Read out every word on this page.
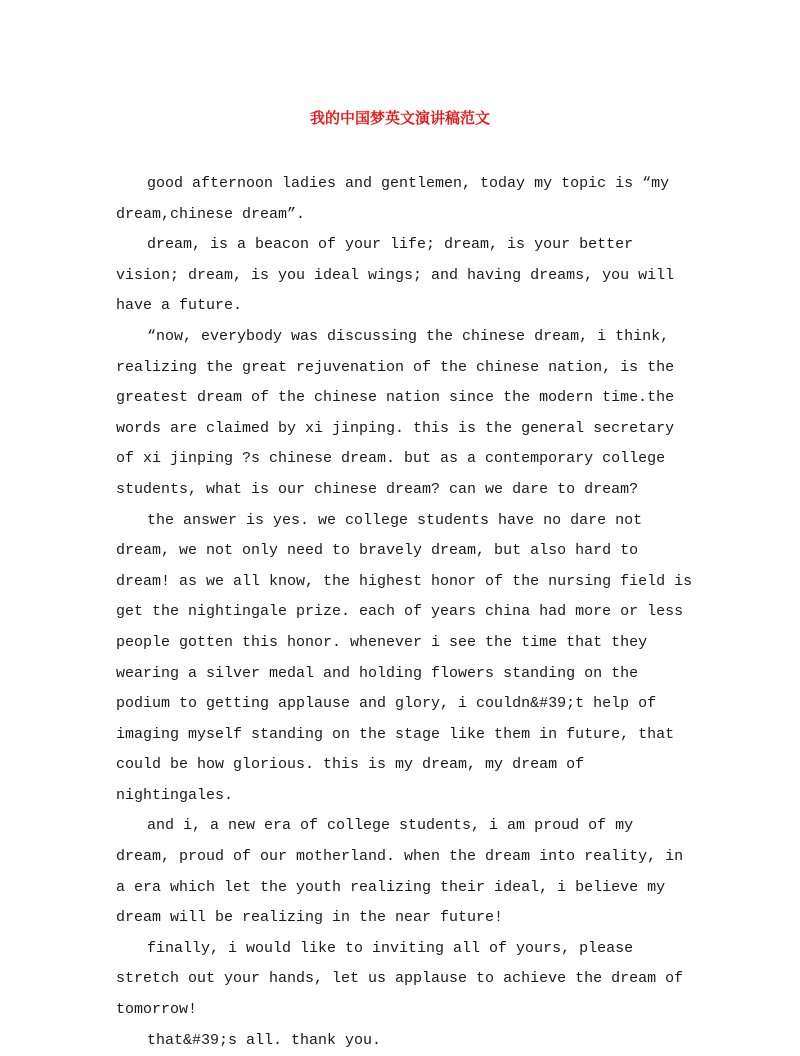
我的中国梦英文演讲稿范文

good afternoon ladies and gentlemen, today my topic is “my dream,chinese dream”.

dream, is a beacon of your life; dream, is your better vision; dream, is you ideal wings; and having dreams, you will have a future.

“now, everybody was discussing the chinese dream, i think, realizing the great rejuvenation of the chinese nation, is the greatest dream of the chinese nation since the modern time.the words are claimed by xi jinping. this is the general secretary of xi jinping ?s chinese dream. but as a contemporary college students, what is our chinese dream? can we dare to dream?

the answer is yes. we college students have no dare not dream, we not only need to bravely dream, but also hard to dream! as we all know, the highest honor of the nursing field is get the nightingale prize. each of years china had more or less people gotten this honor. whenever i see the time that they wearing a silver medal and holding flowers standing on the podium to getting applause and glory, i couldn&#39;t help of imaging myself standing on the stage like them in future, that could be how glorious. this is my dream, my dream of nightingales.

and i, a new era of college students, i am proud of my dream, proud of our motherland. when the dream into reality, in a era which let the youth realizing their ideal, i believe my dream will be realizing in the near future!

finally, i would like to inviting all of yours, please stretch out your hands, let us applause to achieve the dream of tomorrow!

that&#39;s all. thank you.
